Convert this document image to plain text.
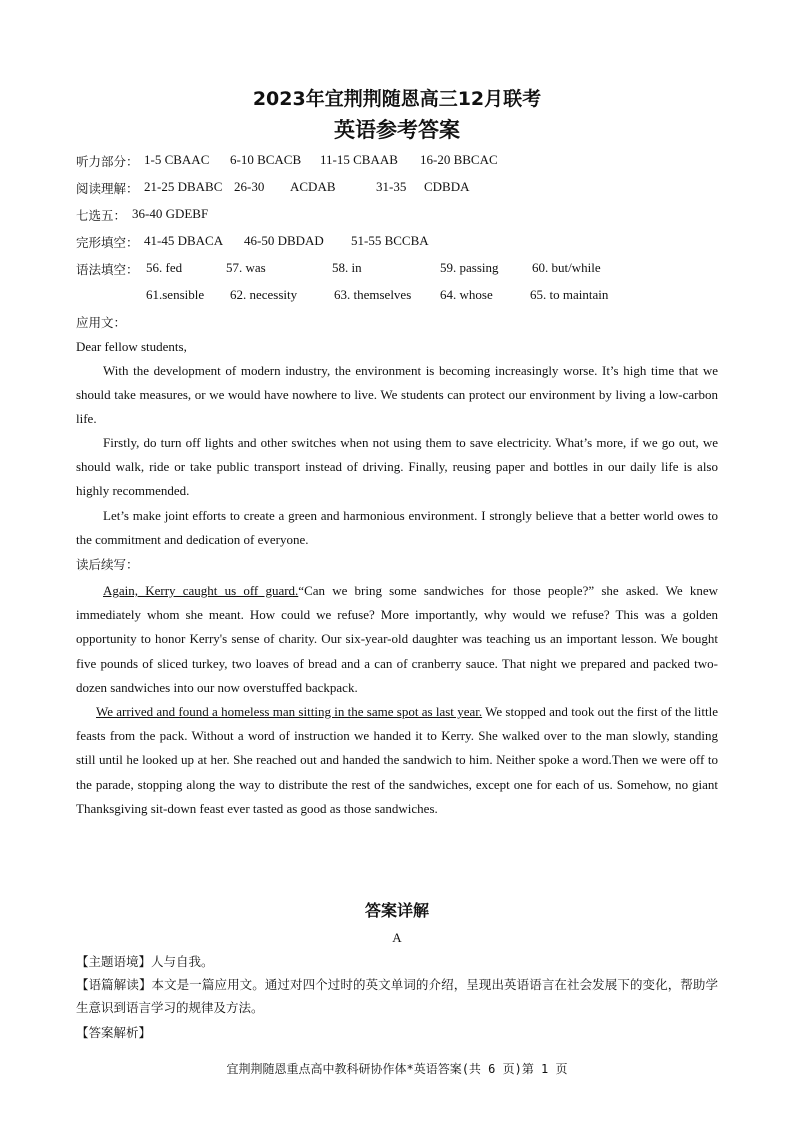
2023年宜荆荆随恩高三12月联考
英语参考答案
听力部分： 1-5 CBAAC 6-10 BCACB 11-15 CBAAB 16-20 BBCAC
阅读理解： 21-25 DBABC 26-30 ACDAB	31-35 CDBDA
七选五： 36-40 GDEBF
完形填空： 41-45 DBACA 46-50 DBDAD 51-55 BCCBA
语法填空： 56. fed	57. was	58. in	59. passing	60. but/while
61.sensible 62. necessity	63. themselves 64. whose	65. to maintain
应用文：
Dear fellow students,

With the development of modern industry, the environment is becoming increasingly worse. It’s high time that we should take measures, or we would have nowhere to live. We students can protect our environment by living a low-carbon life.

Firstly, do turn off lights and other switches when not using them to save electricity. What’s more, if we go out, we should walk, ride or take public transport instead of driving. Finally, reusing paper and bottles in our daily life is also highly recommended.

Let’s make joint efforts to create a green and harmonious environment. I strongly believe that a better world owes to the commitment and dedication of everyone.

读后续写：

Again, Kerry caught us off guard.“Can we bring some sandwiches for those people?” she asked. We knew immediately whom she meant. How could we refuse? More importantly, why would we refuse? This was a golden opportunity to honor Kerry's sense of charity. Our six-year-old daughter was teaching us an important lesson. We bought five pounds of sliced turkey, two loaves of bread and a can of cranberry sauce. That night we prepared and packed two-dozen sandwiches into our now overstuffed backpack.

We arrived and found a homeless man sitting in the same spot as last year. We stopped and took out the first of the little feasts from the pack. Without a word of instruction we handed it to Kerry. She walked over to the man slowly, standing still until he looked up at her. She reached out and handed the sandwich to him. Neither spoke a word.Then we were off to the parade, stopping along the way to distribute the rest of the sandwiches, except one for each of us. Somehow, no giant Thanksgiving sit-down feast ever tasted as good as those sandwiches.

答案详解
A

【主题语境】人与自我。

【语篇解读】本文是一篇应用文。通过对四个过时的英文单词的介绍，呈现出英语语言在社会发展下的变化，帮助学生意识到语言学习的规律及方法。

【答案解析】

宜荆荆随恩重点高中教科研协作体*英语答案(共 6 页)第 1 页
